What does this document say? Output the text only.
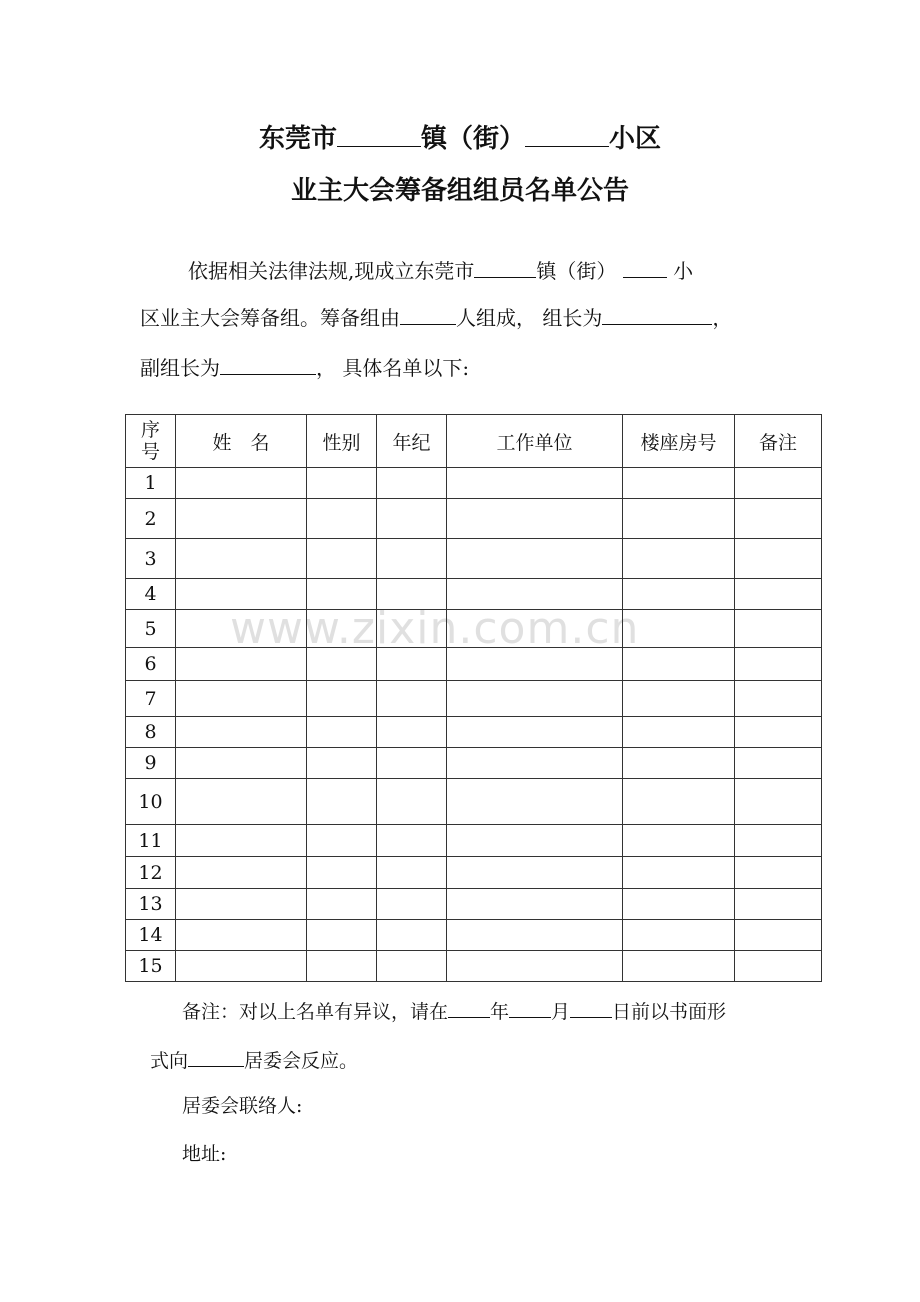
东莞市	镇（街）	小区
业主大会筹备组组员名单公告
依据相关法律法规,现成立东莞市	镇（街）	小
区业主大会筹备组。筹备组由	人组成， 组长为	，
副组长为	， 具体名单以下:
www.zixin.com.cn
序
号	姓　名	性别	年纪	工作单位	楼座房号	备注
1						
2						
3						
4						
5						
6						
7						
8						
9						
10						
11						
12						
13						
14						
15						
备注：对以上名单有异议，请在 年 月 日前以书面形
式向	居委会反应。
居委会联络人:
地址:
